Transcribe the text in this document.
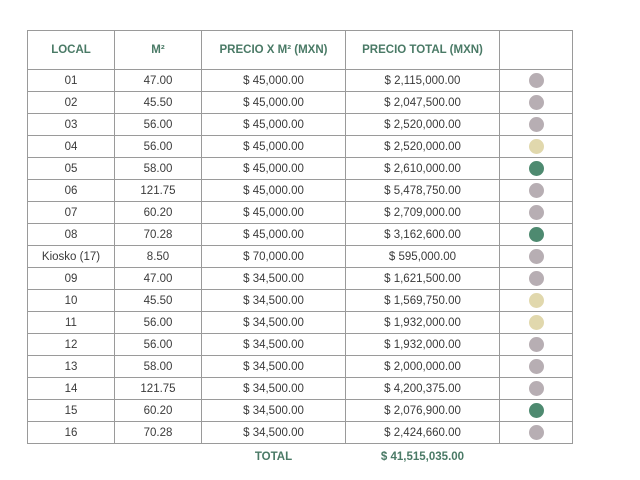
LOCAL	M²	PRECIO X M² (MXN)	PRECIO TOTAL (MXN)	
01	47.00	$ 45,000.00	$ 2,115,000.00	
02	45.50	$ 45,000.00	$ 2,047,500.00	
03	56.00	$ 45,000.00	$ 2,520,000.00	
04	56.00	$ 45,000.00	$ 2,520,000.00	
05	58.00	$ 45,000.00	$ 2,610,000.00	
06	121.75	$ 45,000.00	$ 5,478,750.00	
07	60.20	$ 45,000.00	$ 2,709,000.00	
08	70.28	$ 45,000.00	$ 3,162,600.00	
Kiosko (17)	8.50	$ 70,000.00	$ 595,000.00	
09	47.00	$ 34,500.00	$ 1,621,500.00	
10	45.50	$ 34,500.00	$ 1,569,750.00	
11	56.00	$ 34,500.00	$ 1,932,000.00	
12	56.00	$ 34,500.00	$ 1,932,000.00	
13	58.00	$ 34,500.00	$ 2,000,000.00	
14	121.75	$ 34,500.00	$ 4,200,375.00	
15	60.20	$ 34,500.00	$ 2,076,900.00	
16	70.28	$ 34,500.00	$ 2,424,660.00	
		TOTAL	$ 41,515,035.00	
